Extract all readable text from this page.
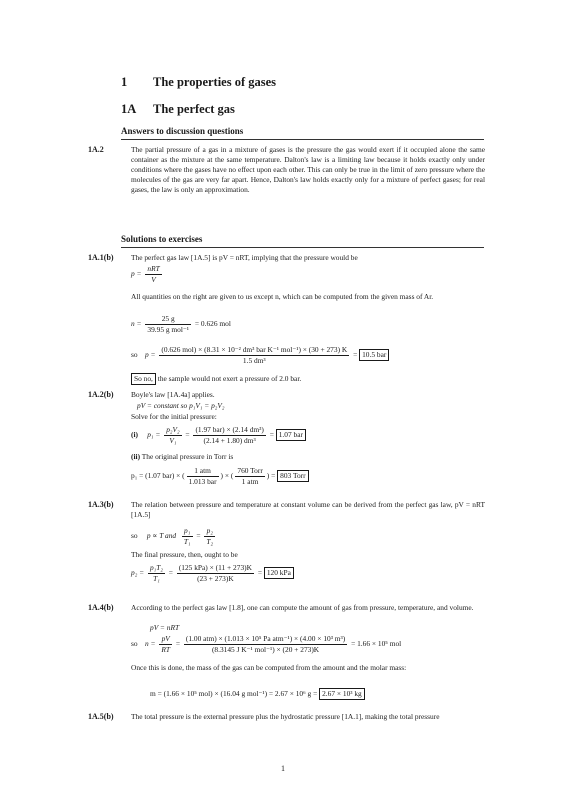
1 The properties of gases
1A The perfect gas
Answers to discussion questions
1A.2	The partial pressure of a gas in a mixture of gases is the pressure the gas would exert if it occupied alone the same container as the mixture at the same temperature. Dalton's law is a limiting law because it holds exactly only under conditions where the gases have no effect upon each other. This can only be true in the limit of zero pressure where the molecules of the gas are very far apart. Hence, Dalton's law holds exactly only for a mixture of perfect gases; for real gases, the law is only an approximation.
Solutions to exercises
1A.1(b) The perfect gas law [1A.5] is pV = nRT, implying that the pressure would be
$p = \frac{\text{nRT}}{V}$
All quantities on the right are given to us except n, which can be computed from the given mass of Ar.
$n = \frac{25 g}{\text{39.95 g mol⁻¹}} = 0.626$ mol
so $p = \frac{\text{(0.626 mol) × (8.31 × 10⁻² dm³ bar K⁻¹ mol⁻¹) × (30 + 273) K}}{\text{1.5 dm³}} = 10.5$ bar
So no, the sample would not exert a pressure of 2.0 bar.
1A.2(b) Boyle's law [1A.4a] applies.
pV = constant so p₁V₁ = p₂V₂
Solve for the initial pressure:
(i) $p_1 = \frac{\text{p₂V₂}}{\text{V₁}} = \frac{\text{(1.97 bar) × (2.14 dm³)}}{\text{(2.14 + 1.80) dm³}} = 1.07$ bar
(ii) The original pressure in Torr is
p₁ = (1.07 bar) × ( $\frac{\text{1 atm}}{\text{1.013 bar}}$ ) × ( $\frac{\text{760 Torr}}{\text{1 atm}}$ ) = 803 Torr
1A.3(b) The relation between pressure and temperature at constant volume can be derived from the perfect gas law, pV = nRT [1A.5]
so p ∝ T and $\frac{\text{p₁}}{\text{T₁}} = \frac{\text{p₂}}{\text{T₂}}$
The final pressure, then, ought to be
$p_2 = \frac{\text{p₁T₂}}{\text{T₁}} = \frac{\text{(125 kPa) × (11 + 273)K}}{(23 + 273)K} = 120$ kPa
1A.4(b) According to the perfect gas law [1.8], one can compute the amount of gas from pressure, temperature, and volume.
pV = nRT
so $n = \frac{pV}{RT} = \frac{\text{(1.00 atm) × (1.013 × 10⁵ Pa atm⁻¹) × (4.00 × 10³ m³)}}{\text{(8.3145 J K⁻¹ mol⁻¹) × (20 + 273)K}} = 1.66 \times 10^5$ mol
Once this is done, the mass of the gas can be computed from the amount and the molar mass:
m = (1.66 × 10⁵ mol) × (16.04 g mol⁻¹) = 2.67 × 10⁶ g = 2.67 × 10³ kg
1A.5(b) The total pressure is the external pressure plus the hydrostatic pressure [1A.1], making the total pressure
1
